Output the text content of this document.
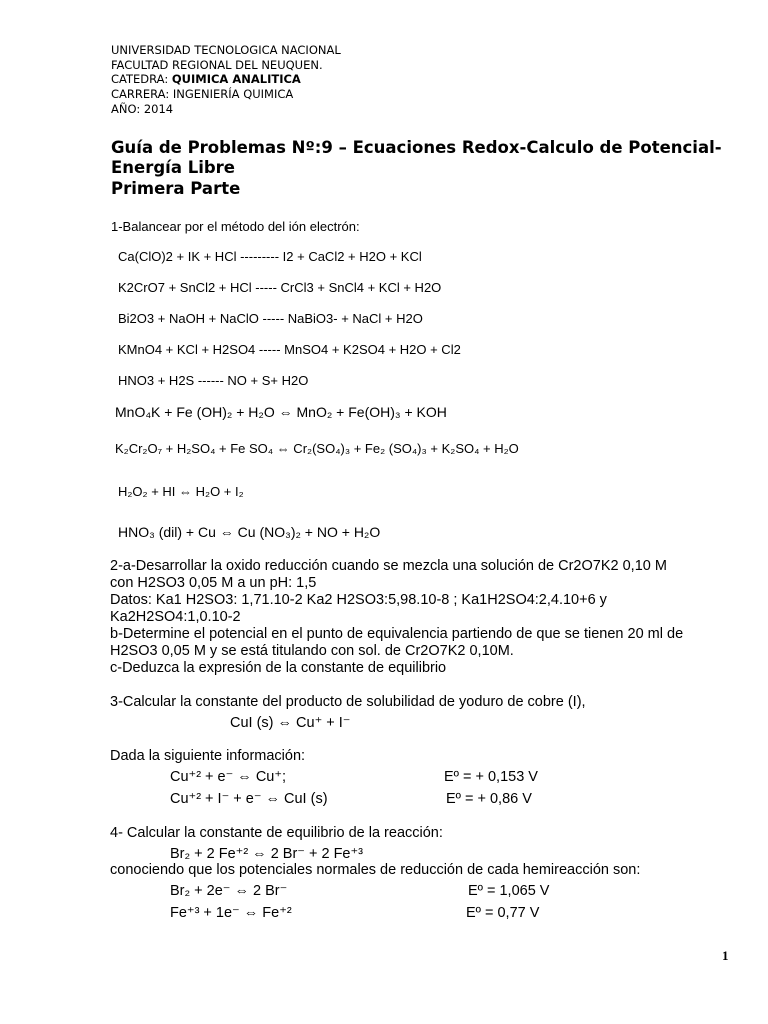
UNIVERSIDAD TECNOLOGICA NACIONAL
FACULTAD REGIONAL DEL NEUQUEN.
CATEDRA: QUIMICA ANALITICA
CARRERA: INGENIERÍA QUIMICA
AÑO: 2014
Guía de Problemas Nº:9 – Ecuaciones Redox-Calculo de Potencial-
Energía Libre
Primera Parte
1-Balancear por el método del ión electrón:
Ca(ClO)2 + IK + HCl --------- I2 + CaCl2 + H2O + KCl
K2CrO7 + SnCl2 + HCl ----- CrCl3 + SnCl4 + KCl + H2O
Bi2O3 + NaOH + NaClO ----- NaBiO3- + NaCl + H2O
KMnO4 + KCl + H2SO4 ----- MnSO4 + K2SO4 + H2O + Cl2
HNO3 + H2S ------ NO + S+ H2O
MnO₄K + Fe (OH)₂ + H₂O ⇔ MnO₂ + Fe(OH)₃ + KOH
K₂Cr₂O₇ + H₂SO₄ + Fe SO₄ ⇔ Cr₂(SO₄)₃ + Fe₂ (SO₄)₃ + K₂SO₄ + H₂O
H₂O₂ + HI ⇔ H₂O + I₂
HNO₃ (dil) + Cu ⇔ Cu (NO₃)₂ + NO + H₂O
2-a-Desarrollar la oxido reducción cuando se mezcla una solución de Cr2O7K2 0,10 M
con H2SO3 0,05 M a un pH: 1,5
Datos: Ka1 H2SO3: 1,71.10-2 Ka2 H2SO3:5,98.10-8 ; Ka1H2SO4:2,4.10+6 y
Ka2H2SO4:1,0.10-2
b-Determine el potencial en el punto de equivalencia partiendo de que se tienen 20 ml de
H2SO3 0,05 M y se está titulando con sol. de Cr2O7K2 0,10M.
c-Deduzca la expresión de la constante de equilibrio
3-Calcular la constante del producto de solubilidad de yoduro de cobre (I),
CuI (s) ⇔ Cu⁺ + I⁻
Dada la siguiente información:
Cu⁺² + e⁻ ⇔ Cu⁺;	Eº = + 0,153 V
Cu⁺² + I⁻ + e⁻ ⇔ CuI (s)	Eº = + 0,86 V
4- Calcular la constante de equilibrio de la reacción:
Br₂ + 2 Fe⁺² ⇔ 2 Br⁻ + 2 Fe⁺³
conociendo que los potenciales normales de reducción de cada hemireacción son:
Br₂ + 2e⁻ ⇔ 2 Br⁻	Eº = 1,065 V
Fe⁺³ + 1e⁻ ⇔ Fe⁺²	Eº = 0,77 V
1
